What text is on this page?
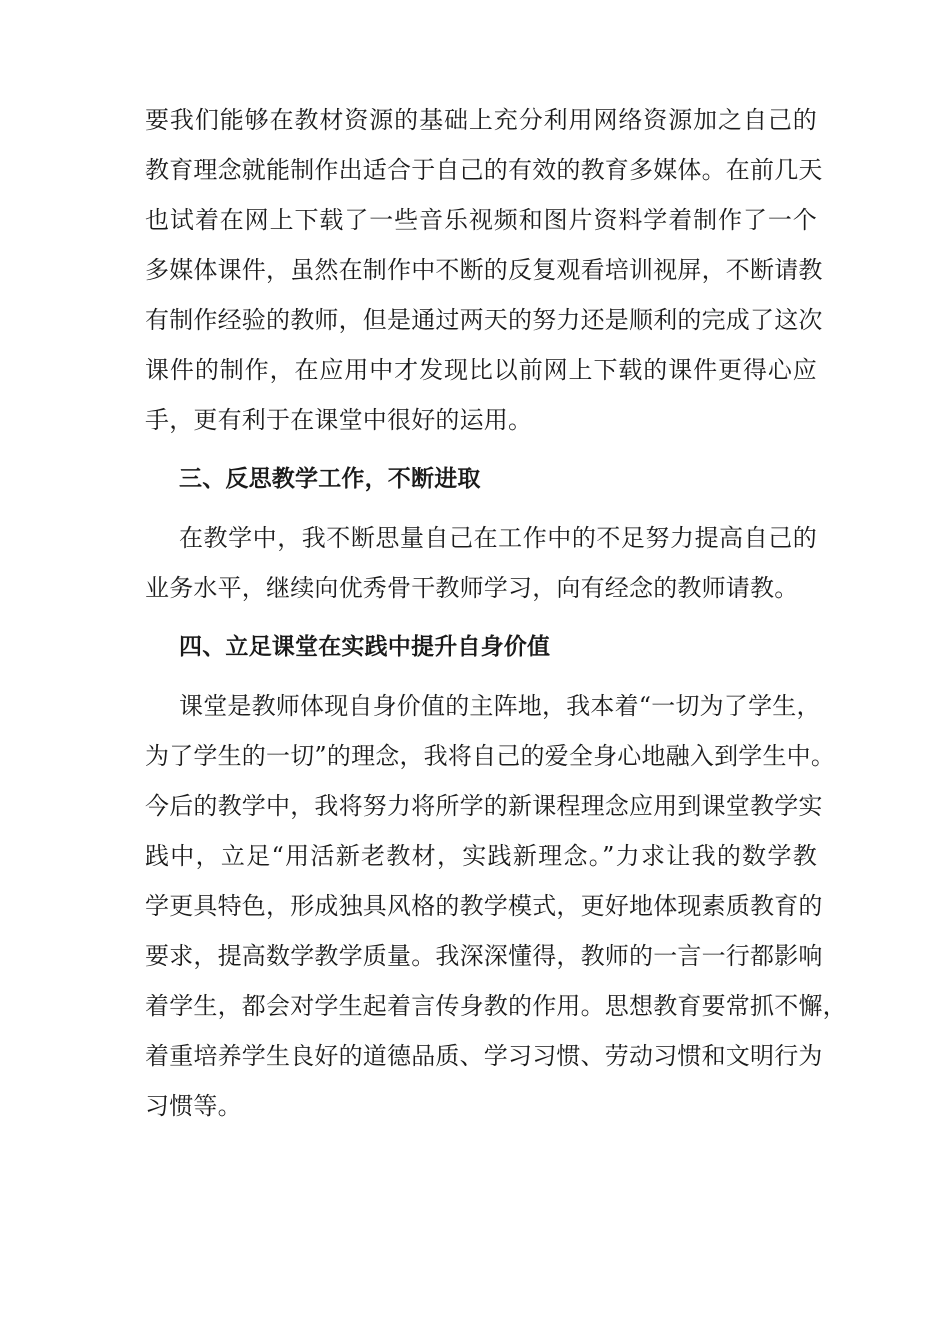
要我们能够在教材资源的基础上充分利用网络资源加之自己的
教育理念就能制作出适合于自己的有效的教育多媒体。在前几天
也试着在网上下载了一些音乐视频和图片资料学着制作了一个
多媒体课件，虽然在制作中不断的反复观看培训视屏，不断请教
有制作经验的教师，但是通过两天的努力还是顺利的完成了这次
课件的制作，在应用中才发现比以前网上下载的课件更得心应
手，更有利于在课堂中很好的运用。
三、反思教学工作，不断进取
在教学中，我不断思量自己在工作中的不足努力提高自己的
业务水平，继续向优秀骨干教师学习，向有经念的教师请教。
四、立足课堂在实践中提升自身价值
课堂是教师体现自身价值的主阵地，我本着“一切为了学生，
为了学生的一切”的理念，我将自己的爱全身心地融入到学生中。
今后的教学中，我将努力将所学的新课程理念应用到课堂教学实
践中，立足“用活新老教材，实践新理念。”力求让我的数学教
学更具特色，形成独具风格的教学模式，更好地体现素质教育的
要求，提高数学教学质量。我深深懂得，教师的一言一行都影响
着学生，都会对学生起着言传身教的作用。思想教育要常抓不懈，
着重培养学生良好的道德品质、学习习惯、劳动习惯和文明行为
习惯等。
